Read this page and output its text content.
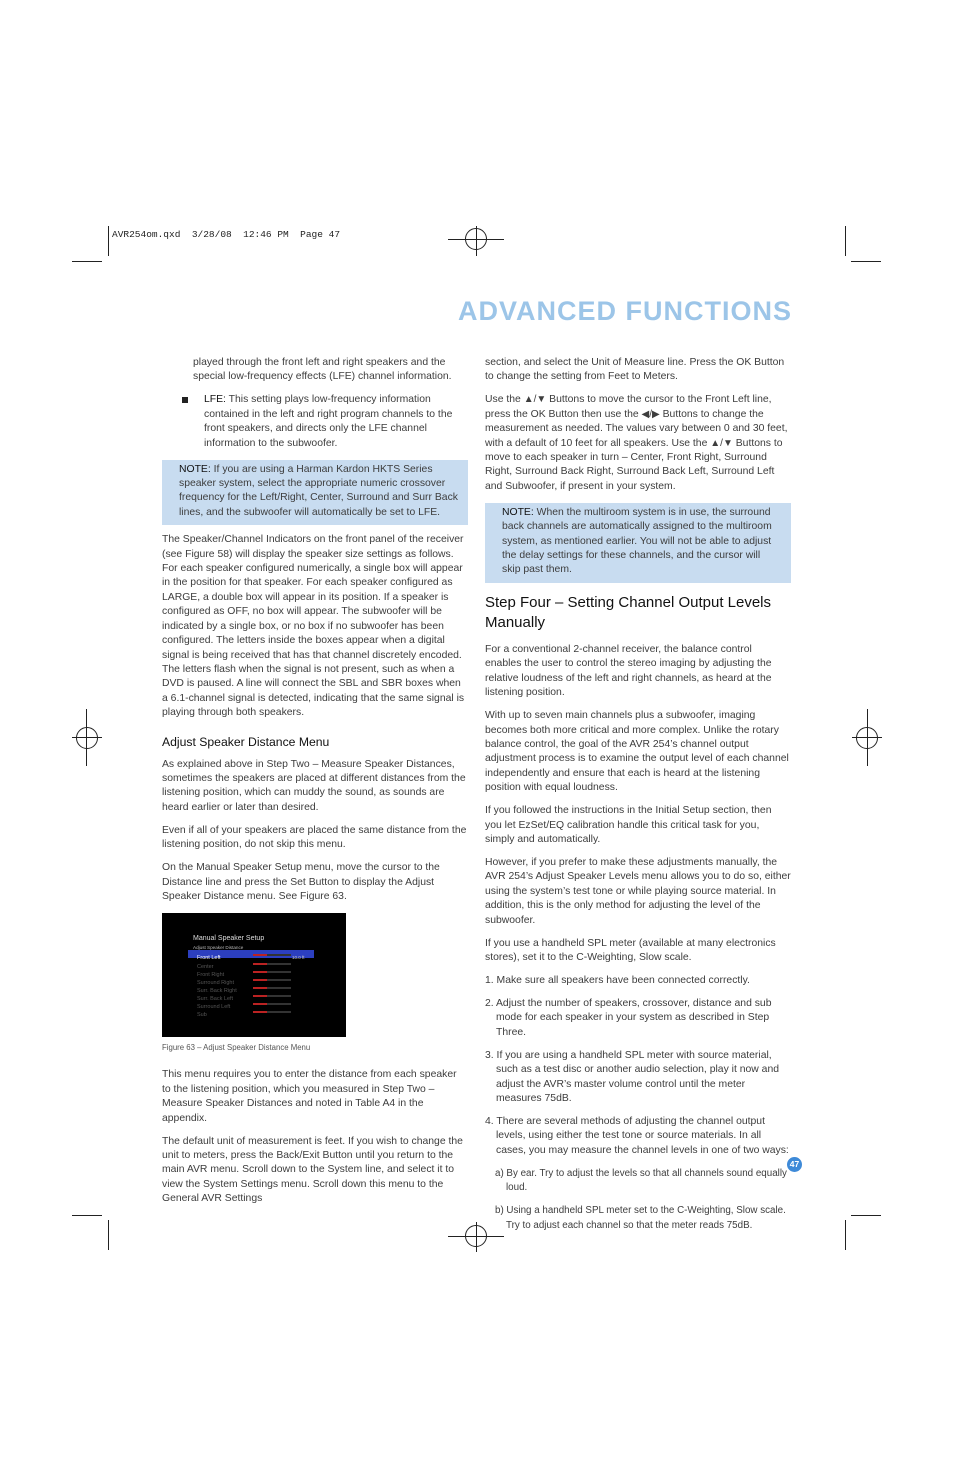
AVR254om.qxd  3/28/08  12:46 PM  Page 47
ADVANCED FUNCTIONS

played through the front left and right speakers and the special low-frequency effects (LFE) channel information.

LFE: This setting plays low-frequency information contained in the left and right program channels to the front speakers, and directs only the LFE channel information to the subwoofer.

NOTE: If you are using a Harman Kardon HKTS Series speaker system, select the appropriate numeric crossover frequency for the Left/Right, Center, Surround and Surr Back lines, and the subwoofer will automatically be set to LFE.

The Speaker/Channel Indicators on the front panel of the receiver (see Figure 58) will display the speaker size settings as follows. For each speaker configured numerically, a single box will appear in the position for that speaker. For each speaker configured as LARGE, a double box will appear in its position. If a speaker is configured as OFF, no box will appear. The subwoofer will be indicated by a single box, or no box if no subwoofer has been configured. The letters inside the boxes appear when a digital signal is being received that has that channel discretely encoded. The letters flash when the signal is not present, such as when a DVD is paused. A line will connect the SBL and SBR boxes when a 6.1-channel signal is detected, indicating that the same signal is playing through both speakers.

Adjust Speaker Distance Menu

As explained above in Step Two – Measure Speaker Distances, sometimes the speakers are placed at different distances from the listening position, which can muddy the sound, as sounds are heard earlier or later than desired.

Even if all of your speakers are placed the same distance from the listening position, do not skip this menu.

On the Manual Speaker Setup menu, move the cursor to the Distance line and press the Set Button to display the Adjust Speaker Distance menu. See Figure 63.

Manual Speaker Setup
Adjust Speaker Distance
10.0 ft
Front Left
Center
Front Right
Surround Right
Surr. Back Right
Surr. Back Left
Surround Left
Sub
Figure 63 – Adjust Speaker Distance Menu

This menu requires you to enter the distance from each speaker to the listening position, which you measured in Step Two – Measure Speaker Distances and noted in Table A4 in the appendix.

The default unit of measurement is feet. If you wish to change the unit to meters, press the Back/Exit Button until you return to the main AVR menu. Scroll down to the System line, and select it to view the System Settings menu. Scroll down this menu to the General AVR Settings

section, and select the Unit of Measure line. Press the OK Button to change the setting from Feet to Meters.

Use the ▲/▼ Buttons to move the cursor to the Front Left line, press the OK Button then use the ◀/▶ Buttons to change the measurement as needed. The values vary between 0 and 30 feet, with a default of 10 feet for all speakers. Use the ▲/▼ Buttons to move to each speaker in turn – Center, Front Right, Surround Right, Surround Back Right, Surround Back Left, Surround Left and Subwoofer, if present in your system.

NOTE: When the multiroom system is in use, the surround back channels are automatically assigned to the multiroom system, as mentioned earlier. You will not be able to adjust the delay settings for these channels, and the cursor will skip past them.
Step Four – Setting Channel Output Levels Manually

For a conventional 2-channel receiver, the balance control enables the user to control the stereo imaging by adjusting the relative loudness of the left and right channels, as heard at the listening position.

With up to seven main channels plus a subwoofer, imaging becomes both more critical and more complex. Unlike the rotary balance control, the goal of the AVR 254’s channel output adjustment process is to examine the output level of each channel independently and ensure that each is heard at the listening position with equal loudness.

If you followed the instructions in the Initial Setup section, then you let EzSet/EQ calibration handle this critical task for you, simply and automatically.

However, if you prefer to make these adjustments manually, the AVR 254’s Adjust Speaker Levels menu allows you to do so, either using the system’s test tone or while playing source material. In addition, this is the only method for adjusting the level of the subwoofer.

If you use a handheld SPL meter (available at many electronics stores), set it to the C-Weighting, Slow scale.

1. Make sure all speakers have been connected correctly.

2. Adjust the number of speakers, crossover, distance and sub mode for each speaker in your system as described in Step Three.

3. If you are using a handheld SPL meter with source material, such as a test disc or another audio selection, play it now and adjust the AVR’s master volume control until the meter measures 75dB.

4. There are several methods of adjusting the channel output levels, using either the test tone or source materials. In all cases, you may measure the channel levels in one of two ways:

a) By ear. Try to adjust the levels so that all channels sound equally loud.

b) Using a handheld SPL meter set to the C-Weighting, Slow scale. Try to adjust each channel so that the meter reads 75dB.

47
